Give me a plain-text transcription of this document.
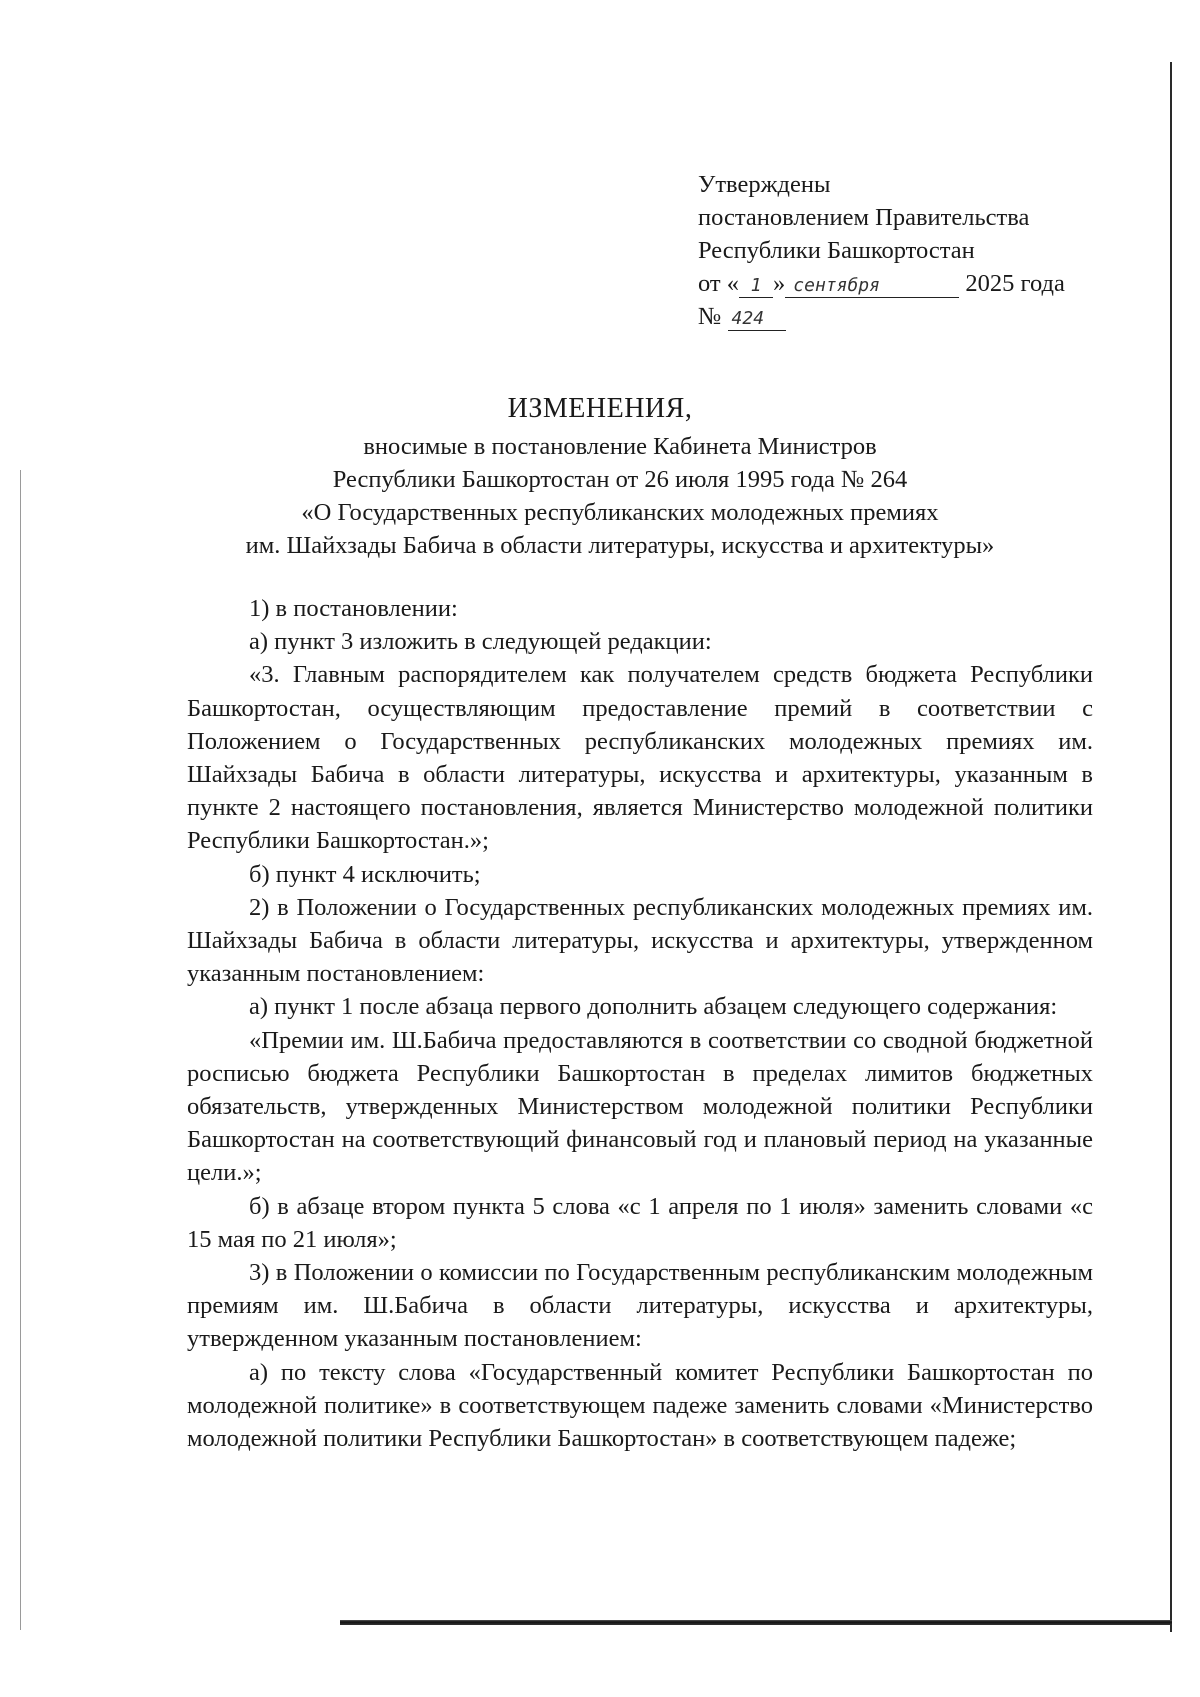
Утверждены
постановлением Правительства
Республики Башкортостан
от « 1 » сентября	2025 года
№ 424
ИЗМЕНЕНИЯ,
вносимые в постановление Кабинета Министров
Республики Башкортостан от 26 июля 1995 года № 264
«О Государственных республиканских молодежных премиях
им. Шайхзады Бабича в области литературы, искусства и архитектуры»

1) в постановлении:

а) пункт 3 изложить в следующей редакции:

«3. Главным распорядителем как получателем средств бюджета Республики Башкортостан, осуществляющим предоставление премий в соответствии с Положением о Государственных республиканских молодежных премиях им. Шайхзады Бабича в области литературы, искусства и архитектуры, указанным в пункте 2 настоящего постановления, является Министерство молодежной политики Республики Башкортостан.»;

б) пункт 4 исключить;

2) в Положении о Государственных республиканских молодежных премиях им. Шайхзады Бабича в области литературы, искусства и архитектуры, утвержденном указанным постановлением:

а) пункт 1 после абзаца первого дополнить абзацем следующего содержания:

«Премии им. Ш.Бабича предоставляются в соответствии со сводной бюджетной росписью бюджета Республики Башкортостан в пределах лимитов бюджетных обязательств, утвержденных Министерством молодежной политики Республики Башкортостан на соответствующий финансовый год и плановый период на указанные цели.»;

б) в абзаце втором пункта 5 слова «с 1 апреля по 1 июля» заменить словами «с 15 мая по 21 июля»;

3) в Положении о комиссии по Государственным республиканским молодежным премиям им. Ш.Бабича в области литературы, искусства и архитектуры, утвержденном указанным постановлением:

а) по тексту слова «Государственный комитет Республики Башкортостан по молодежной политике» в соответствующем падеже заменить словами «Министерство молодежной политики Республики Башкортостан» в соответствующем падеже;
